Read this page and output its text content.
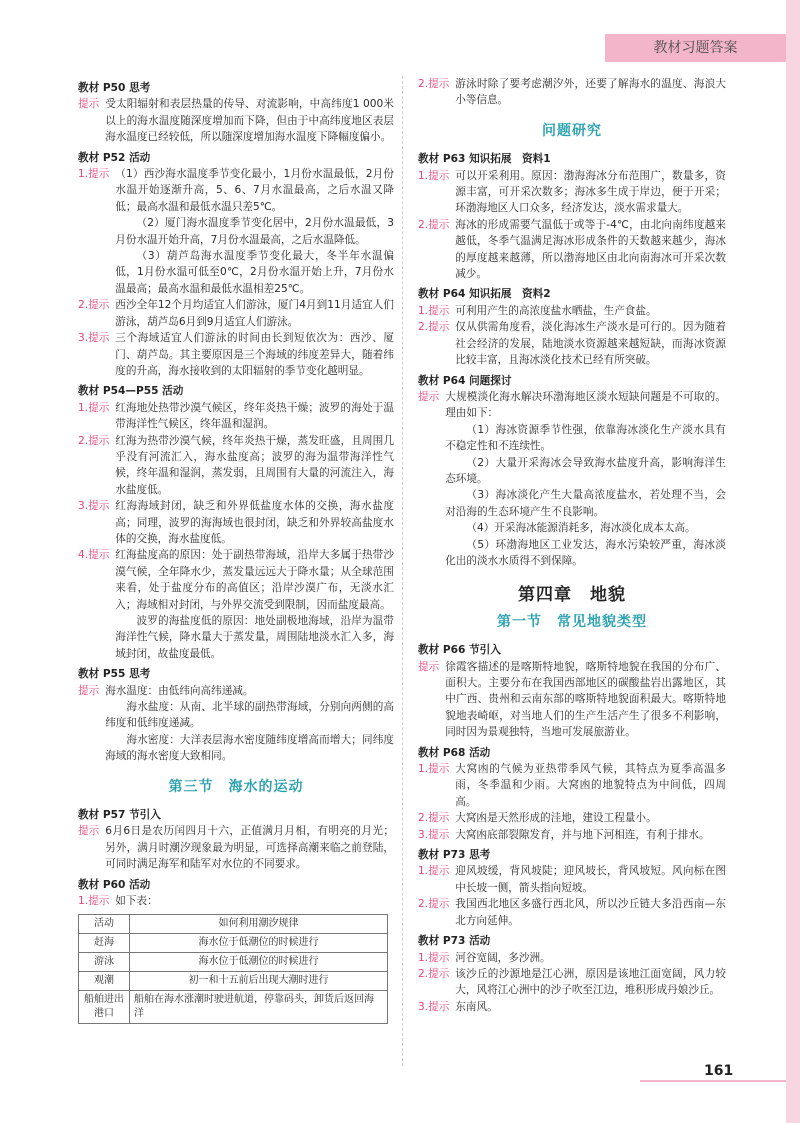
教材习题答案
教材 P50 思考
提示 受太阳辐射和表层热量的传导、对流影响，中高纬度1 000米以上的海水温度随深度增加而下降，但由于中高纬度地区表层海水温度已经较低，所以随深度增加海水温度下降幅度偏小。
教材 P52 活动
1.提示 （1）西沙海水温度季节变化最小，1月份水温最低，2月份水温开始逐渐升高，5、6、7月水温最高，之后水温又降低；最高水温和最低水温只差5℃。
（2）厦门海水温度季节变化居中，2月份水温最低，3月份水温开始升高，7月份水温最高，之后水温降低。
（3）葫芦岛海水温度季节变化最大，冬半年水温偏低，1月份水温可低至0℃，2月份水温开始上升，7月份水温最高；最高水温和最低水温相差25℃。
2.提示 西沙全年12个月均适宜人们游泳，厦门4月到11月适宜人们游泳，葫芦岛6月到9月适宜人们游泳。
3.提示 三个海域适宜人们游泳的时间由长到短依次为：西沙、厦门、葫芦岛。其主要原因是三个海域的纬度差异大，随着纬度的升高，海水接收到的太阳辐射的季节变化越明显。
教材 P54—P55 活动
1.提示 红海地处热带沙漠气候区，终年炎热干燥；波罗的海处于温带海洋性气候区，终年温和湿润。
2.提示 红海为热带沙漠气候，终年炎热干燥，蒸发旺盛，且周围几乎没有河流汇入，海水盐度高；波罗的海为温带海洋性气候，终年温和湿润，蒸发弱，且周围有大量的河流注入，海水盐度低。
3.提示 红海海域封闭，缺乏和外界低盐度水体的交换，海水盐度高；同理，波罗的海海域也很封闭，缺乏和外界较高盐度水体的交换，海水盐度低。
4.提示 红海盐度高的原因：处于副热带海域，沿岸大多属于热带沙漠气候，全年降水少，蒸发量远远大于降水量；从全球范围来看，处于盐度分布的高值区；沿岸沙漠广布，无淡水汇入；海域相对封闭，与外界交流受到限制，因而盐度最高。
波罗的海盐度低的原因：地处副极地海域，沿岸为温带海洋性气候，降水量大于蒸发量，周围陆地淡水汇入多，海域封闭，故盐度最低。
教材 P55 思考
提示 海水温度：由低纬向高纬递减。
海水盐度：从南、北半球的副热带海域，分别向两侧的高纬度和低纬度递减。
海水密度：大洋表层海水密度随纬度增高而增大；同纬度海域的海水密度大致相同。
第三节　海水的运动
教材 P57 节引入
提示 6月6日是农历闰四月十六，正值满月月相，有明亮的月光；另外，满月时潮汐现象最为明显，可选择高潮来临之前登陆，可同时满足海军和陆军对水位的不同要求。
教材 P60 活动
1.提示 如下表：
活动	如何利用潮汐规律
赶海	海水位于低潮位的时候进行
游泳	海水位于低潮位的时候进行
观潮	初一和十五前后出现大潮时进行
船舶进出港口	船舶在海水涨潮时驶进航道，停靠码头，卸货后返回海洋
2.提示 游泳时除了要考虑潮汐外，还要了解海水的温度、海浪大小等信息。
问题研究
教材 P63 知识拓展　资料1
1.提示 可以开采利用。原因：渤海海冰分布范围广，数量多，资源丰富，可开采次数多；海冰多生成于岸边，便于开采；环渤海地区人口众多，经济发达，淡水需求量大。
2.提示 海冰的形成需要气温低于或等于-4℃，由北向南纬度越来越低，冬季气温满足海冰形成条件的天数越来越少，海冰的厚度越来越薄，所以渤海地区由北向南海冰可开采次数减少。
教材 P64 知识拓展　资料2
1.提示 可利用产生的高浓度盐水晒盐，生产食盐。
2.提示 仅从供需角度看，淡化海冰生产淡水是可行的。因为随着社会经济的发展，陆地淡水资源越来越短缺，而海冰资源比较丰富，且海冰淡化技术已经有所突破。
教材 P64 问题探讨
提示 大规模淡化海水解决环渤海地区淡水短缺问题是不可取的。理由如下：
（1）海冰资源季节性强，依靠海冰淡化生产淡水具有不稳定性和不连续性。
（2）大量开采海冰会导致海水盐度升高，影响海洋生态环境。
（3）海冰淡化产生大量高浓度盐水，若处理不当，会对沿海的生态环境产生不良影响。
（4）开采海冰能源消耗多，海冰淡化成本太高。
（5）环渤海地区工业发达，海水污染较严重，海冰淡化出的淡水水质得不到保障。
第四章　地貌
第一节　常见地貌类型
教材 P66 节引入
提示 徐霞客描述的是喀斯特地貌，喀斯特地貌在我国的分布广、面积大。主要分布在我国西部地区的碳酸盐岩出露地区，其中广西、贵州和云南东部的喀斯特地貌面积最大。喀斯特地貌地表崎岖，对当地人们的生产生活产生了很多不利影响，同时因为景观独特，当地可发展旅游业。
教材 P68 活动
1.提示 大窝凼的气候为亚热带季风气候，其特点为夏季高温多雨，冬季温和少雨。大窝凼的地貌特点为中间低，四周高。
2.提示 大窝凼是天然形成的洼地，建设工程量小。
3.提示 大窝凼底部裂隙发育，并与地下河相连，有利于排水。
教材 P73 思考
1.提示 迎风坡缓，背风坡陡；迎风坡长，背风坡短。风向标在图中长坡一侧，箭头指向短坡。
2.提示 我国西北地区多盛行西北风，所以沙丘链大多沿西南—东北方向延伸。
教材 P73 活动
1.提示 河谷宽阔，多沙洲。
2.提示 该沙丘的沙源地是江心洲，原因是该地江面宽阔，风力较大，风将江心洲中的沙子吹至江边，堆积形成丹娘沙丘。
3.提示 东南风。
161
